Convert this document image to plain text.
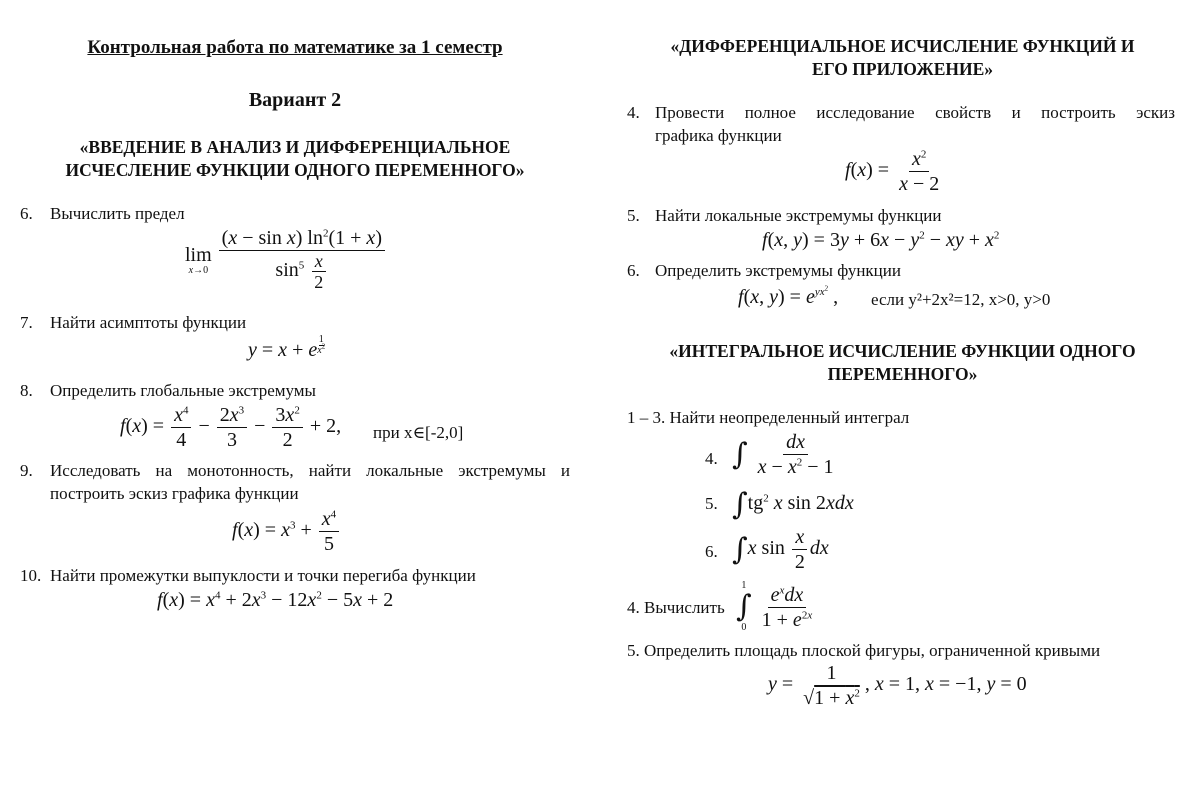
Контрольная работа по математике за 1 семестр
Вариант 2
«ВВЕДЕНИЕ В АНАЛИЗ И ДИФФЕРЕНЦИАЛЬНОЕ
ИСЧЕСЛЕНИЕ ФУНКЦИИ ОДНОГО ПЕРЕМЕННОГО»
6. Вычислить предел
lim
x→0
$\frac{(x - \sin x) \ln^2(1 + x)}{\sin^5 \frac{x}{2}}$
7. Найти асимптоты функции
y = x + e $\frac{1}{x^2}$
8. Определить глобальные экстремумы
$f(x) = \frac{x^4}{4} - \frac{2x^3}{3} - \frac{3x^2}{2} + 2$, при x∈[-2,0]
9. Исследовать на монотонность, найти локальные экстремумы и
построить эскиз графика функции
$f(x) = x^3 + \frac{x^4}{5}$
10. Найти промежутки выпуклости и точки перегиба функции
$f(x) = x^4 + 2x^3 - 12x^2 - 5x + 2$
«ДИФФЕРЕНЦИАЛЬНОЕ ИСЧИСЛЕНИЕ ФУНКЦИЙ И
ЕГО ПРИЛОЖЕНИЕ»
4. Провести полное исследование свойств и построить эскиз
графика функции
$f(x) = \frac{x^2}{x - 2}$
5. Найти локальные экстремумы функции
f(x, $y) = 3y + 6x - y^2$ − xy + $x^2$
6. Определить экстремумы функции
f(x, $y) = e^{yx^2}$ , если y²+2x²=12, x>0, y>0
«ИНТЕГРАЛЬНОЕ ИСЧИСЛЕНИЕ ФУНКЦИИ ОДНОГО
ПЕРЕМЕННОГО»
1 – 3. Найти неопределенный интеграл
4. ∫ $\frac{dx}{x - x^2 - 1}$
5. $\int tg^2$ x sin 2xdx
6. ∫x $\sin \frac{x}{2}$ dx
4. Вычислить
1
∫
0
$\frac{e^xdx}{1 + e^{2x}}$
5. Определить площадь плоской фигуры, ограниченной кривыми
$y = \frac{1}{√1 + x^2}$ , x = 1, x = −1, y = 0
